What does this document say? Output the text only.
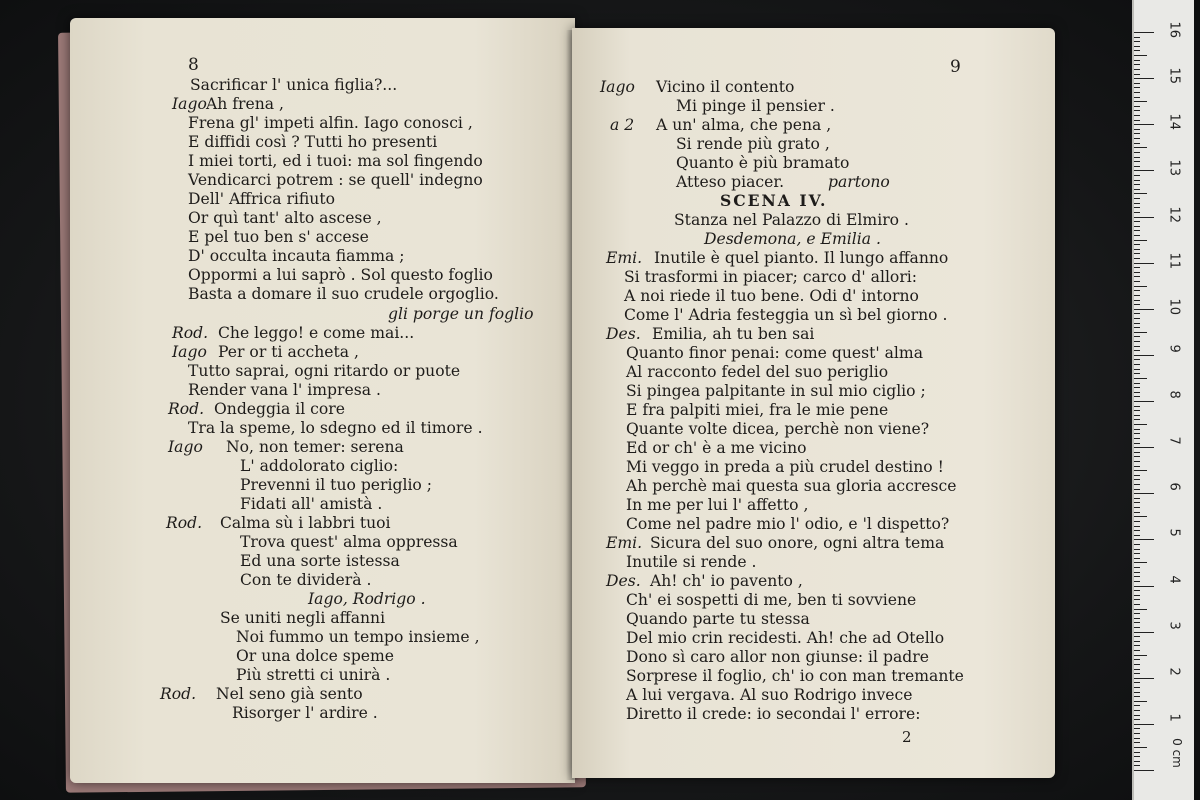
8
Sacrificar l' unica figlia?...
IagoAh frena ,
Frena gl' impeti alfin. Iago conosci ,
E diffidi così ? Tutti ho presenti
I miei torti, ed i tuoi: ma sol fingendo
Vendicarci potrem : se quell' indegno
Dell' Affrica rifiuto
Or quì tant' alto ascese ,
E pel tuo ben s' accese
D' occulta incauta fiamma ;
Oppormi a lui saprò . Sol questo foglio
Basta a domare il suo crudele orgoglio.
gli porge un foglio
Rod. Che leggo! e come mai...
Iago Per or ti accheta ,
Tutto saprai, ogni ritardo or puote
Render vana l' impresa .
Rod. Ondeggia il core
Tra la speme, lo sdegno ed il timore .
Iago No, non temer: serena
L' addolorato ciglio:
Prevenni il tuo periglio ;
Fidati all' amistà .
Rod. Calma sù i labbri tuoi
Trova quest' alma oppressa
Ed una sorte istessa
Con te dividerà .
Iago, Rodrigo .
Se uniti negli affanni
Noi fummo un tempo insieme ,
Or una dolce speme
Più stretti ci unirà .
Rod. Nel seno già sento
Risorger l' ardire .
9
Iago Vicino il contento
Mi pinge il pensier .
a 2 A un' alma, che pena ,
Si rende più grato ,
Quanto è più bramato
Atteso piacer.	partono
SCENA IV.
Stanza nel Palazzo di Elmiro .
Desdemona, e Emilia .
Emi. Inutile è quel pianto. Il lungo affanno
Si trasformi in piacer; carco d' allori:
A noi riede il tuo bene. Odi d' intorno
Come l' Adria festeggia un sì bel giorno .
Des. Emilia, ah tu ben sai
Quanto finor penai: come quest' alma
Al racconto fedel del suo periglio
Si pingea palpitante in sul mio ciglio ;
E fra palpiti miei, fra le mie pene
Quante volte dicea, perchè non viene?
Ed or ch' è a me vicino
Mi veggo in preda a più crudel destino !
Ah perchè mai questa sua gloria accresce
In me per lui l' affetto ,
Come nel padre mio l' odio, e 'l dispetto?
Emi. Sicura del suo onore, ogni altra tema
Inutile si rende .
Des. Ah! ch' io pavento ,
Ch' ei sospetti di me, ben ti sovviene
Quando parte tu stessa
Del mio crin recidesti. Ah! che ad Otello
Dono sì caro allor non giunse: il padre
Sorprese il foglio, ch' io con man tremante
A lui vergava. Al suo Rodrigo invece
Diretto il crede: io secondai l' errore:
2
0 cm
1
2
3
4
5
6
7
8
9
10
11
12
13
14
15
16
